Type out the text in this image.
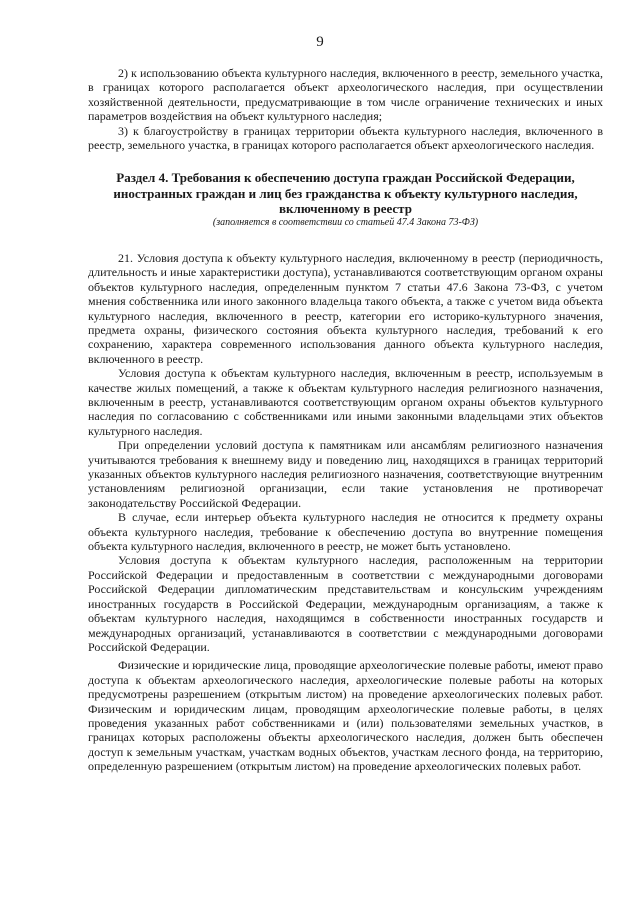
9

2) к использованию объекта культурного наследия, включенного в реестр, земельного участка, в границах которого располагается объект археологического наследия, при осуществлении хозяйственной деятельности, предусматривающие в том числе ограничение технических и иных параметров воздействия на объект культурного наследия;

3) к благоустройству в границах территории объекта культурного наследия, включенного в реестр, земельного участка, в границах которого располагается объект археологического наследия.

Раздел 4. Требования к обеспечению доступа граждан Российской Федерации, иностранных граждан и лиц без гражданства к объекту культурного наследия, включенному в реестр
(заполняется в соответствии со статьей 47.4 Закона 73-ФЗ)

21. Условия доступа к объекту культурного наследия, включенному в реестр (периодичность, длительность и иные характеристики доступа), устанавливаются соответствующим органом охраны объектов культурного наследия, определенным пунктом 7 статьи 47.6 Закона 73-ФЗ, с учетом мнения собственника или иного законного владельца такого объекта, а также с учетом вида объекта культурного наследия, включенного в реестр, категории его историко-культурного значения, предмета охраны, физического состояния объекта культурного наследия, требований к его сохранению, характера современного использования данного объекта культурного наследия, включенного в реестр.

Условия доступа к объектам культурного наследия, включенным в реестр, используемым в качестве жилых помещений, а также к объектам культурного наследия религиозного назначения, включенным в реестр, устанавливаются соответствующим органом охраны объектов культурного наследия по согласованию с собственниками или иными законными владельцами этих объектов культурного наследия.

При определении условий доступа к памятникам или ансамблям религиозного назначения учитываются требования к внешнему виду и поведению лиц, находящихся в границах территорий указанных объектов культурного наследия религиозного назначения, соответствующие внутренним установлениям религиозной организации, если такие установления не противоречат законодательству Российской Федерации.

В случае, если интерьер объекта культурного наследия не относится к предмету охраны объекта культурного наследия, требование к обеспечению доступа во внутренние помещения объекта культурного наследия, включенного в реестр, не может быть установлено.

Условия доступа к объектам культурного наследия, расположенным на территории Российской Федерации и предоставленным в соответствии с международными договорами Российской Федерации дипломатическим представительствам и консульским учреждениям иностранных государств в Российской Федерации, международным организациям, а также к объектам культурного наследия, находящимся в собственности иностранных государств и международных организаций, устанавливаются в соответствии с международными договорами Российской Федерации.

Физические и юридические лица, проводящие археологические полевые работы, имеют право доступа к объектам археологического наследия, археологические полевые работы на которых предусмотрены разрешением (открытым листом) на проведение археологических полевых работ. Физическим и юридическим лицам, проводящим археологические полевые работы, в целях проведения указанных работ собственниками и (или) пользователями земельных участков, в границах которых расположены объекты археологического наследия, должен быть обеспечен доступ к земельным участкам, участкам водных объектов, участкам лесного фонда, на территорию, определенную разрешением (открытым листом) на проведение археологических полевых работ.
